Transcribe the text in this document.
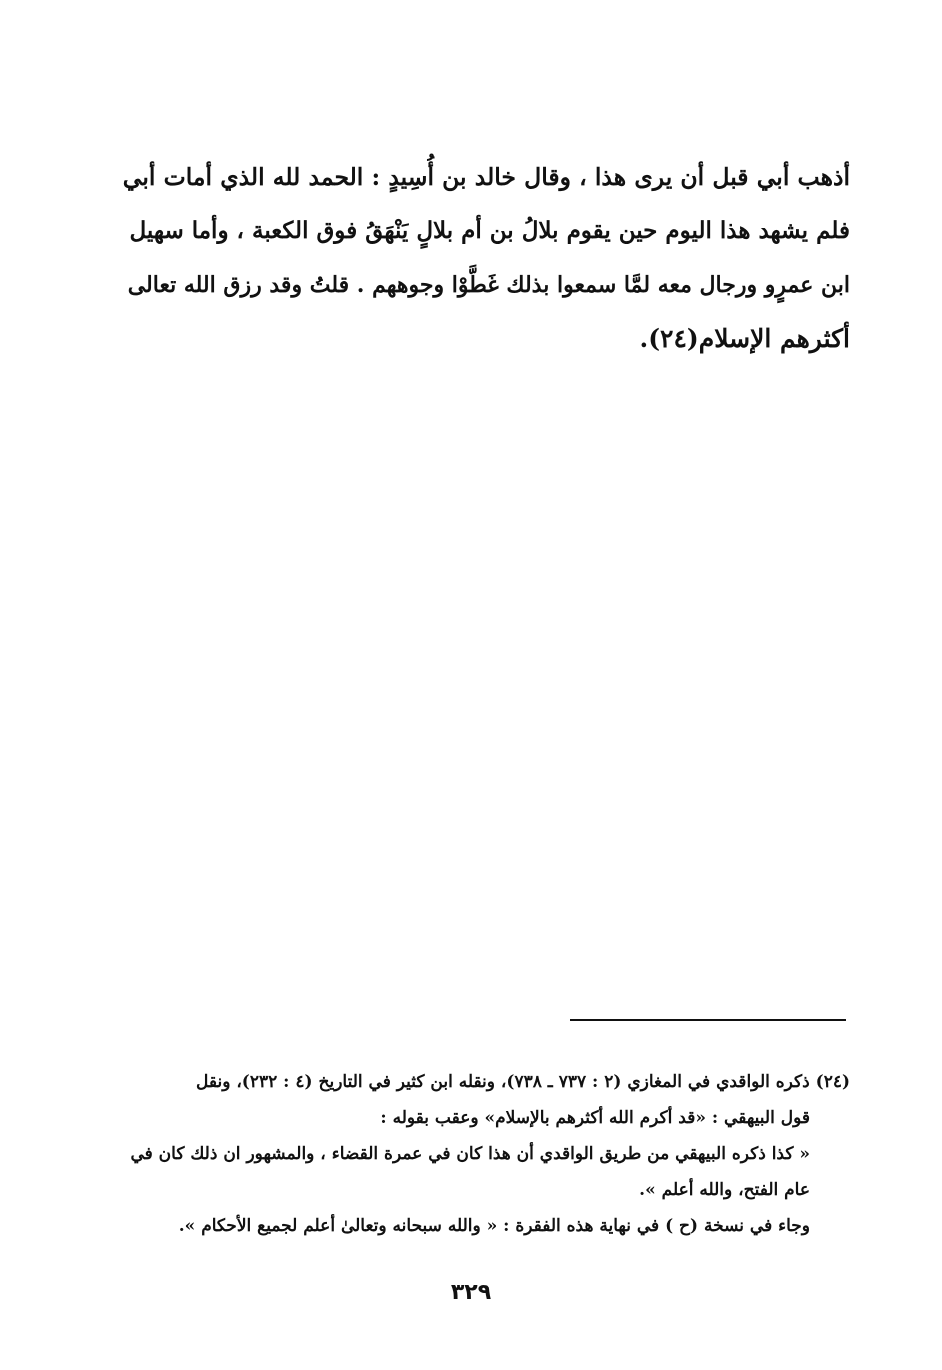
أذهب أبي قبل أن يرى هذا ، وقال خالد بن أُسِيدٍ : الحمد لله الذي أمات أبي
فلم يشهد هذا اليوم حين يقوم بلالُ بن أم بلالٍ يَنْهَقُ فوق الكعبة ، وأما سهيل
ابن عمرٍو ورجال معه لمَّا سمعوا بذلك غَطَّوْا وجوههم . قلتُ وقد رزق الله تعالى
أكثرهم الإسلام(٢٤).
(٢٤) ذكره الواقدي في المغازي (٢ : ٧٣٧ ـ ٧٣٨)، ونقله ابن كثير في التاريخ (٤ : ٢٣٢)، ونقل
قول البيهقي : «قد أكرم الله أكثرهم بالإسلام» وعقب بقوله :
« كذا ذكره البيهقي من طريق الواقدي أن هذا كان في عمرة القضاء ، والمشهور ان ذلك كان في
عام الفتح، والله أعلم ».
وجاء في نسخة (ح ) في نهاية هذه الفقرة : « والله سبحانه وتعالىٰ أعلم لجميع الأحكام ».
٣٢٩
